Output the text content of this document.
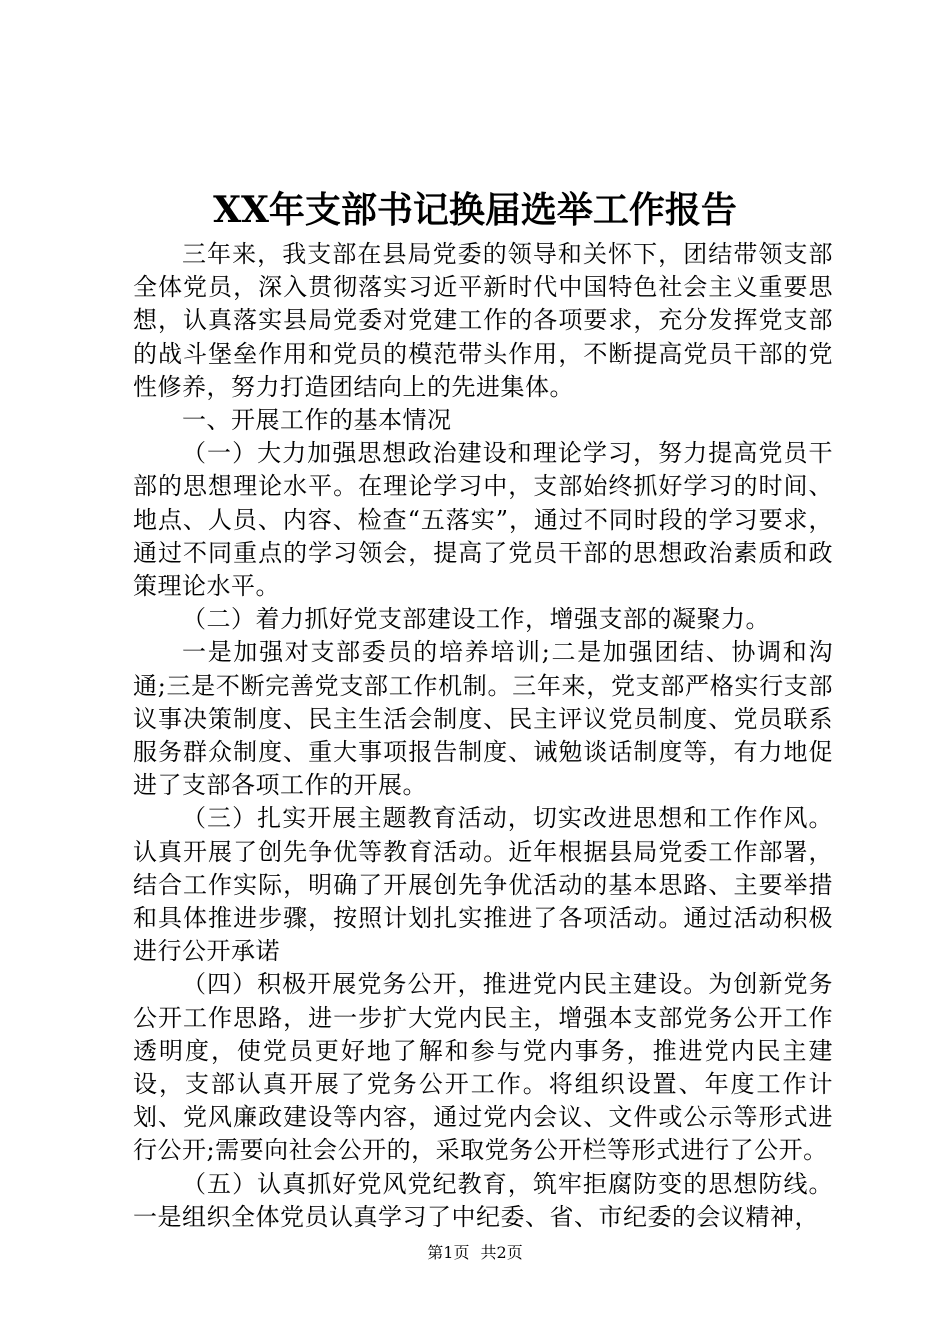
XX年支部书记换届选举工作报告

三年来，我支部在县局党委的领导和关怀下，团结带领支部全体党员，深入贯彻落实习近平新时代中国特色社会主义重要思想，认真落实县局党委对党建工作的各项要求，充分发挥党支部的战斗堡垒作用和党员的模范带头作用，不断提高党员干部的党性修养，努力打造团结向上的先进集体。

一、开展工作的基本情况

（一）大力加强思想政治建设和理论学习，努力提高党员干部的思想理论水平。在理论学习中，支部始终抓好学习的时间、地点、人员、内容、检查“五落实”，通过不同时段的学习要求，通过不同重点的学习领会，提高了党员干部的思想政治素质和政策理论水平。

（二）着力抓好党支部建设工作，增强支部的凝聚力。

一是加强对支部委员的培养培训;二是加强团结、协调和沟通;三是不断完善党支部工作机制。三年来，党支部严格实行支部议事决策制度、民主生活会制度、民主评议党员制度、党员联系服务群众制度、重大事项报告制度、诫勉谈话制度等，有力地促进了支部各项工作的开展。

（三）扎实开展主题教育活动，切实改进思想和工作作风。认真开展了创先争优等教育活动。近年根据县局党委工作部署，结合工作实际，明确了开展创先争优活动的基本思路、主要举措和具体推进步骤，按照计划扎实推进了各项活动。通过活动积极进行公开承诺

（四）积极开展党务公开，推进党内民主建设。为创新党务公开工作思路，进一步扩大党内民主，增强本支部党务公开工作透明度，使党员更好地了解和参与党内事务，推进党内民主建设，支部认真开展了党务公开工作。将组织设置、年度工作计划、党风廉政建设等内容，通过党内会议、文件或公示等形式进行公开;需要向社会公开的，采取党务公开栏等形式进行了公开。

（五）认真抓好党风党纪教育，筑牢拒腐防变的思想防线。一是组织全体党员认真学习了中纪委、省、市纪委的会议精神，

第1页 共2页
